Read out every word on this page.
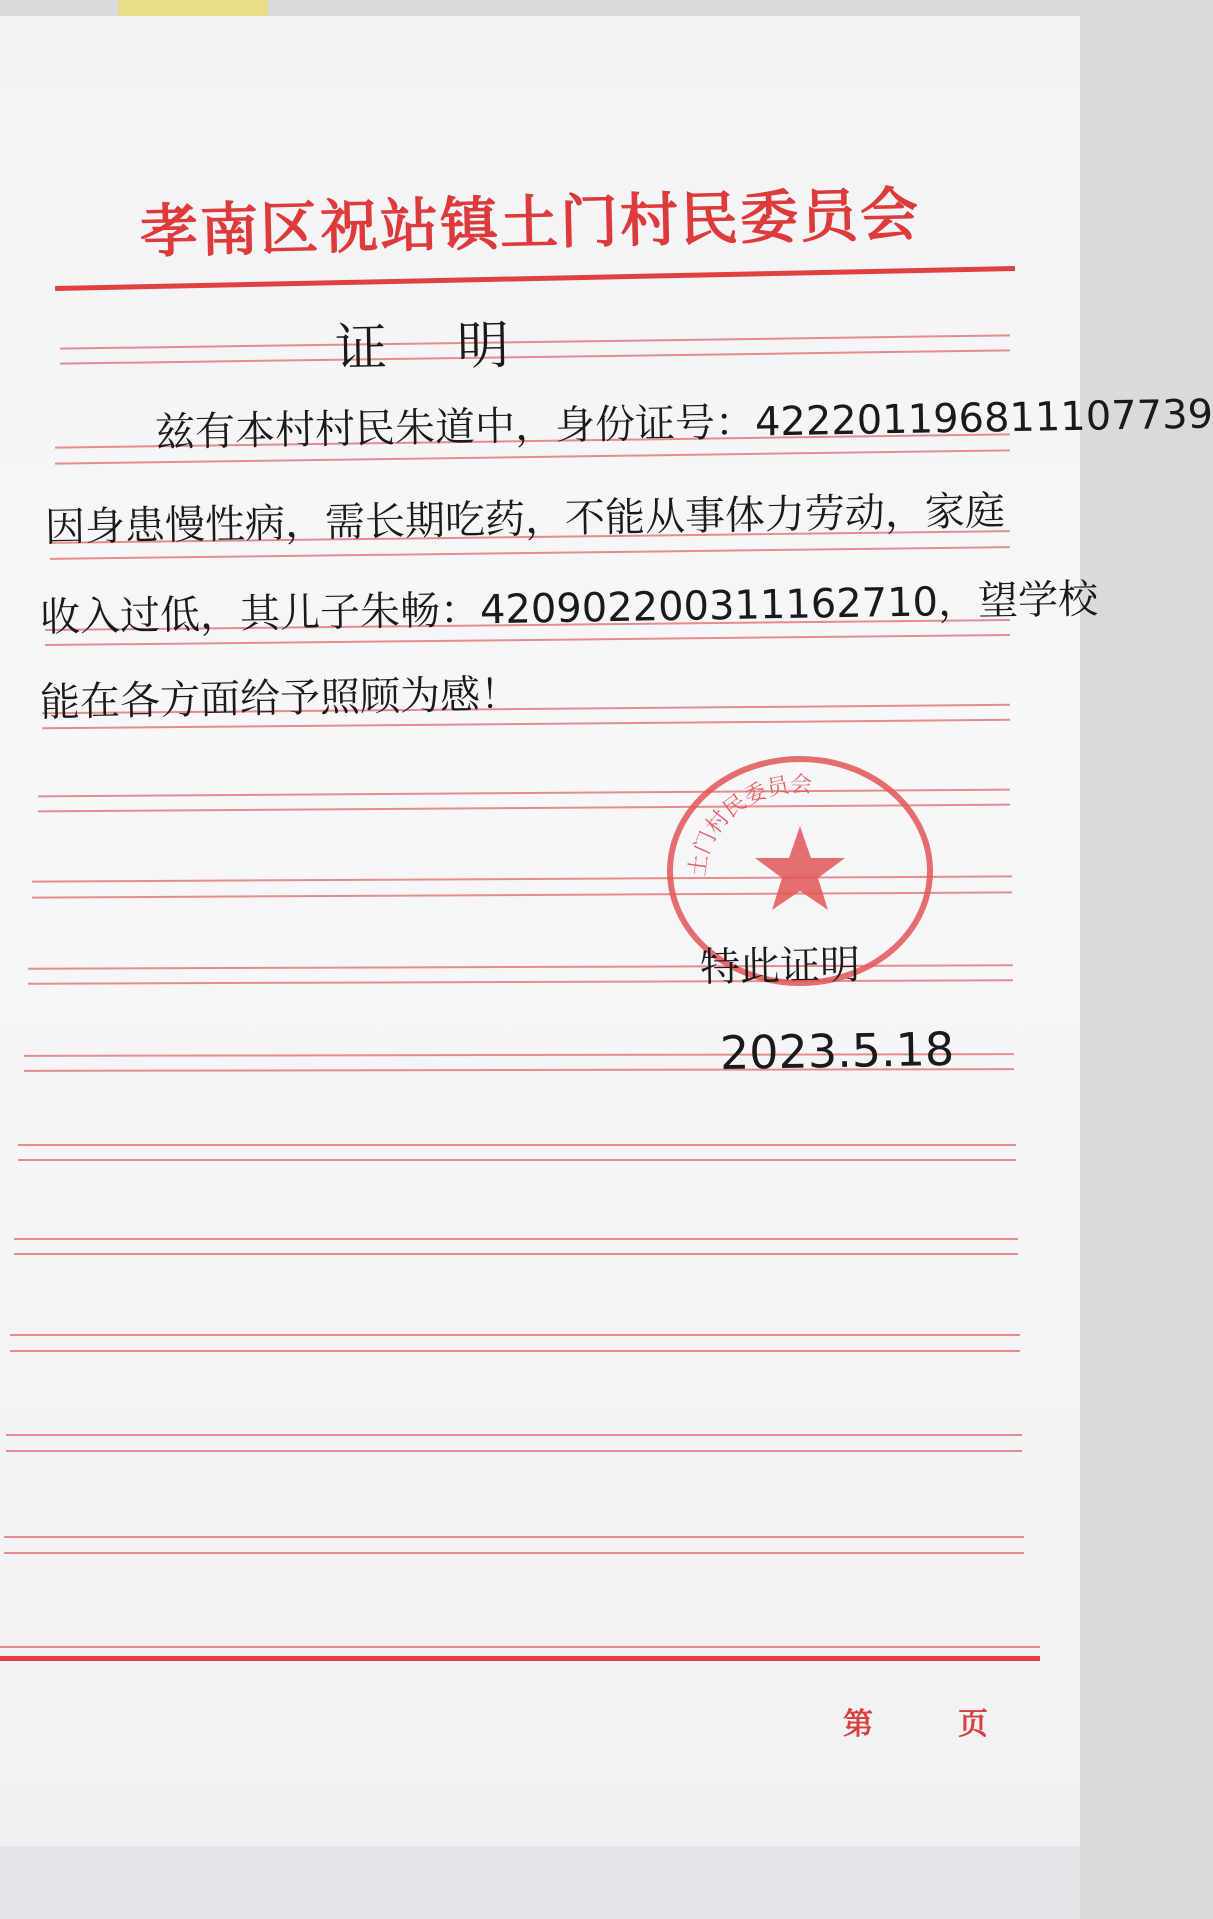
孝南区祝站镇土门村民委员会
证明
兹有本村村民朱道中，身份证号：422201196811107739
因身患慢性病，需长期吃药，不能从事体力劳动，家庭
收入过低，其儿子朱畅：420902200311162710，望学校
能在各方面给予照顾为感！
土门村民委员会
特此证明
2023.5.18
第	页
